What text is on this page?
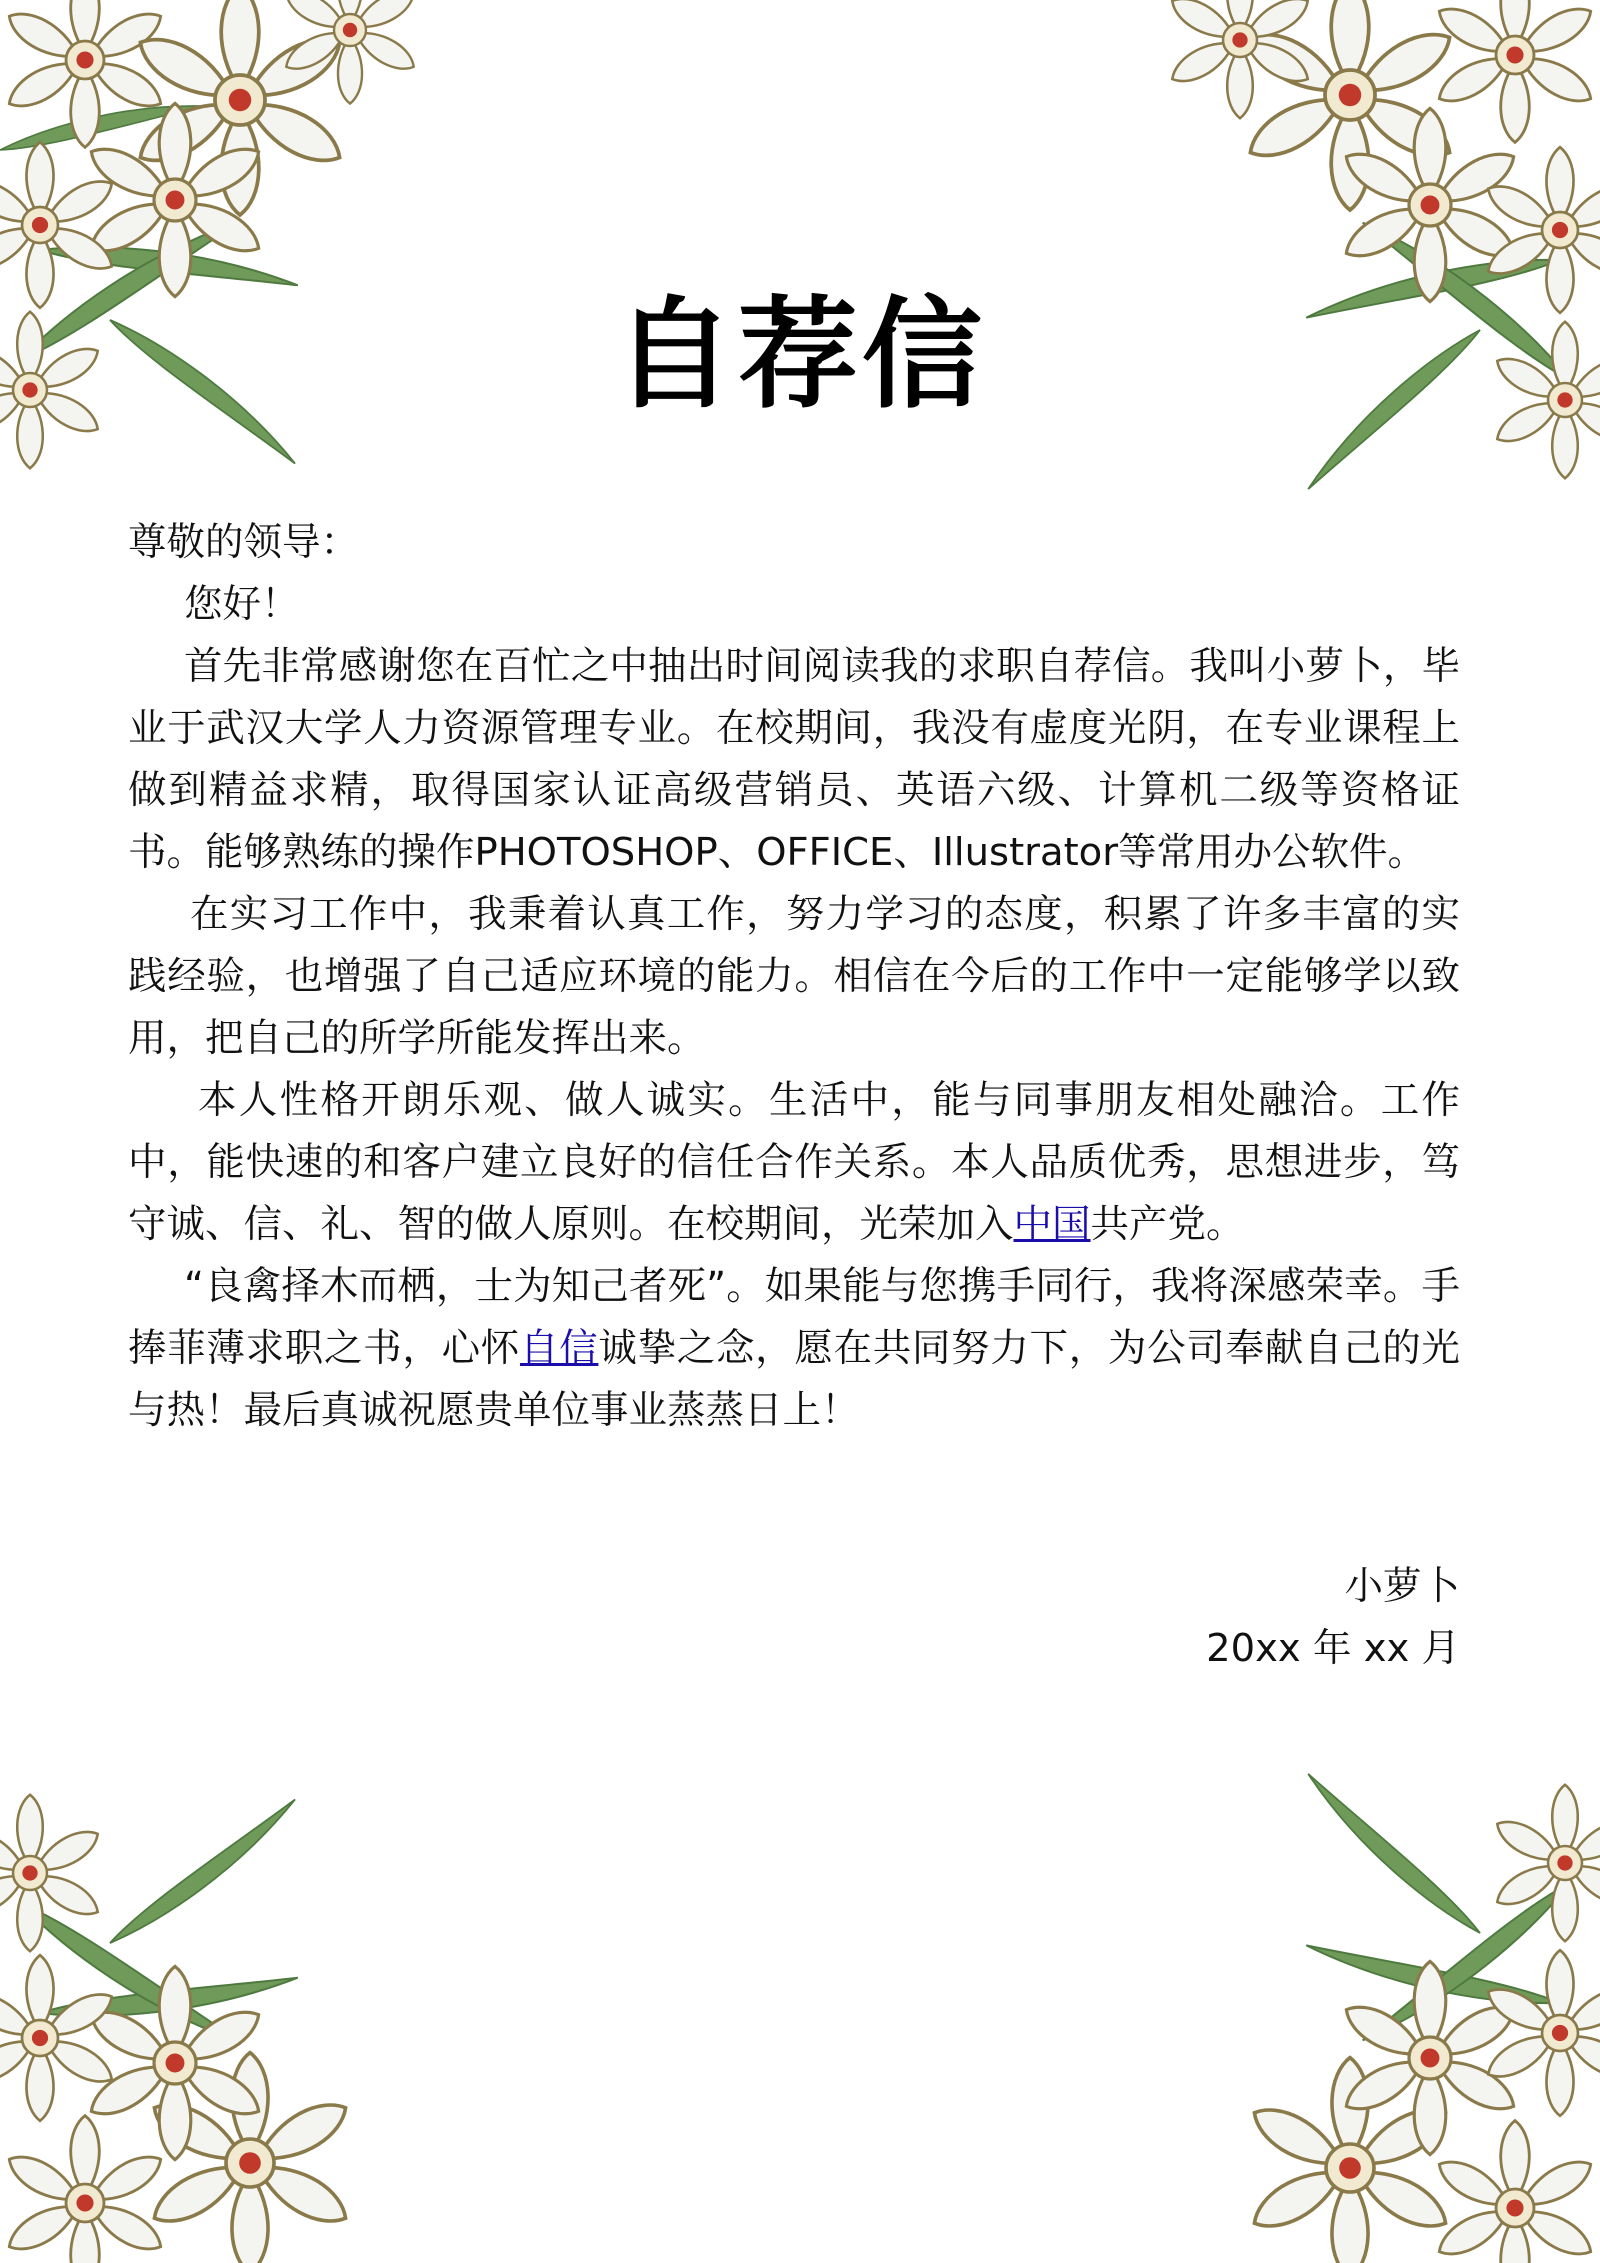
自荐信

尊敬的领导：

您好！

首先非常感谢您在百忙之中抽出时间阅读我的求职自荐信。我叫小萝卜，毕业于武汉大学人力资源管理专业。在校期间，我没有虚度光阴，在专业课程上做到精益求精，取得国家认证高级营销员、英语六级、计算机二级等资格证书。能够熟练的操作PHOTOSHOP、OFFICE、Illustrator等常用办公软件。

在实习工作中，我秉着认真工作，努力学习的态度，积累了许多丰富的实践经验，也增强了自己适应环境的能力。相信在今后的工作中一定能够学以致用，把自己的所学所能发挥出来。

本人性格开朗乐观、做人诚实。生活中，能与同事朋友相处融洽。工作中，能快速的和客户建立良好的信任合作关系。本人品质优秀，思想进步，笃守诚、信、礼、智的做人原则。在校期间，光荣加入中国共产党。

“良禽择木而栖，士为知己者死”。如果能与您携手同行，我将深感荣幸。手捧菲薄求职之书，心怀自信诚挚之念，愿在共同努力下，为公司奉献自己的光与热！最后真诚祝愿贵单位事业蒸蒸日上！

小萝卜
20xx 年 xx 月
